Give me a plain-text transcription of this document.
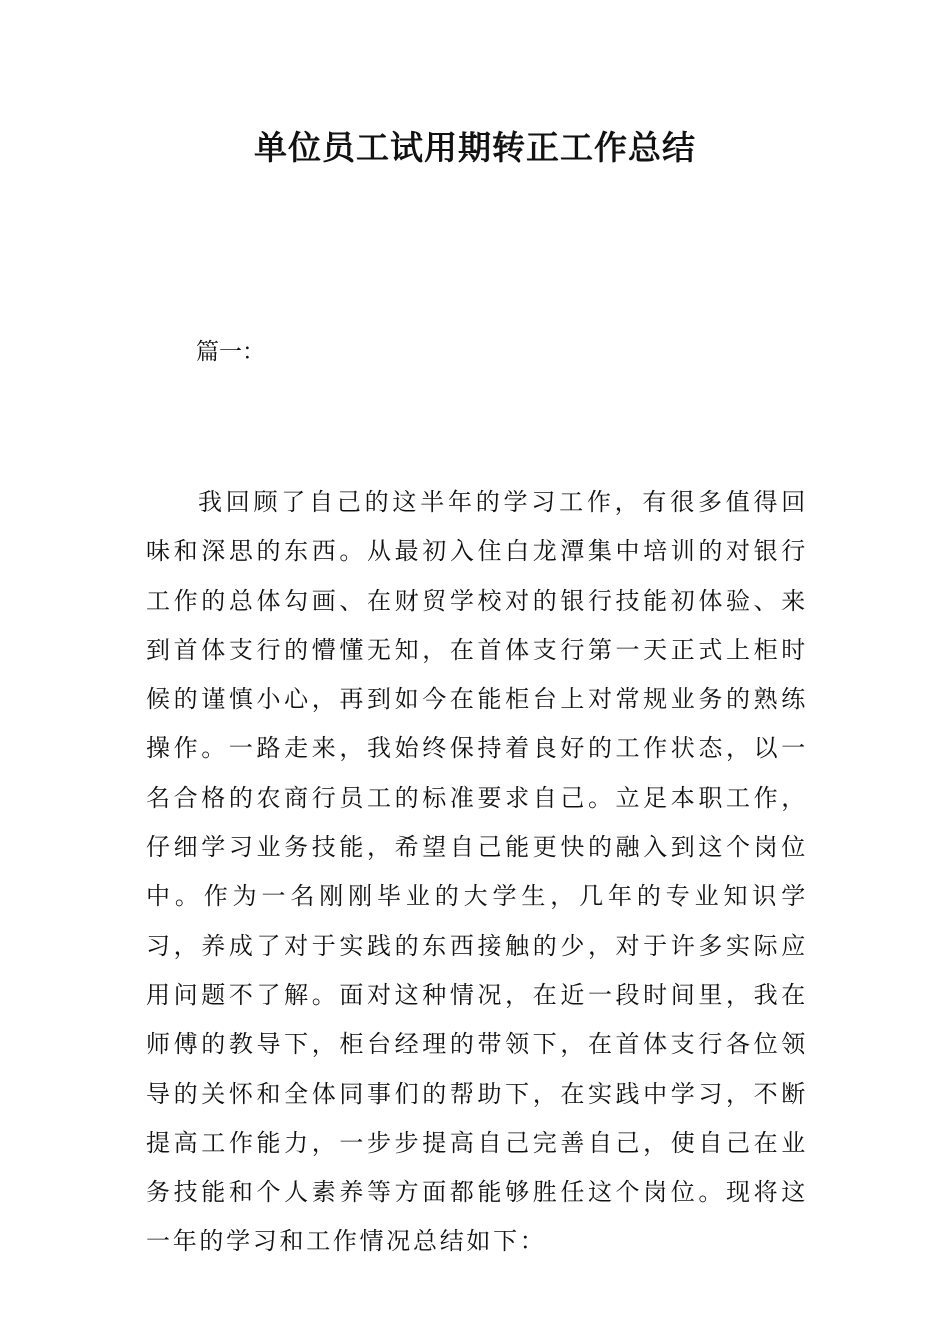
单位员工试用期转正工作总结

篇一：

我回顾了自己的这半年的学习工作，有很多值得回味和深思的东西。从最初入住白龙潭集中培训的对银行工作的总体勾画、在财贸学校对的银行技能初体验、来到首体支行的懵懂无知，在首体支行第一天正式上柜时候的谨慎小心，再到如今在能柜台上对常规业务的熟练操作。一路走来，我始终保持着良好的工作状态，以一名合格的农商行员工的标准要求自己。立足本职工作，仔细学习业务技能，希望自己能更快的融入到这个岗位中。作为一名刚刚毕业的大学生，几年的专业知识学习，养成了对于实践的东西接触的少，对于许多实际应用问题不了解。面对这种情况，在近一段时间里，我在师傅的教导下，柜台经理的带领下，在首体支行各位领导的关怀和全体同事们的帮助下，在实践中学习，不断提高工作能力，一步步提高自己完善自己，使自己在业务技能和个人素养等方面都能够胜任这个岗位。现将这一年的学习和工作情况总结如下：
